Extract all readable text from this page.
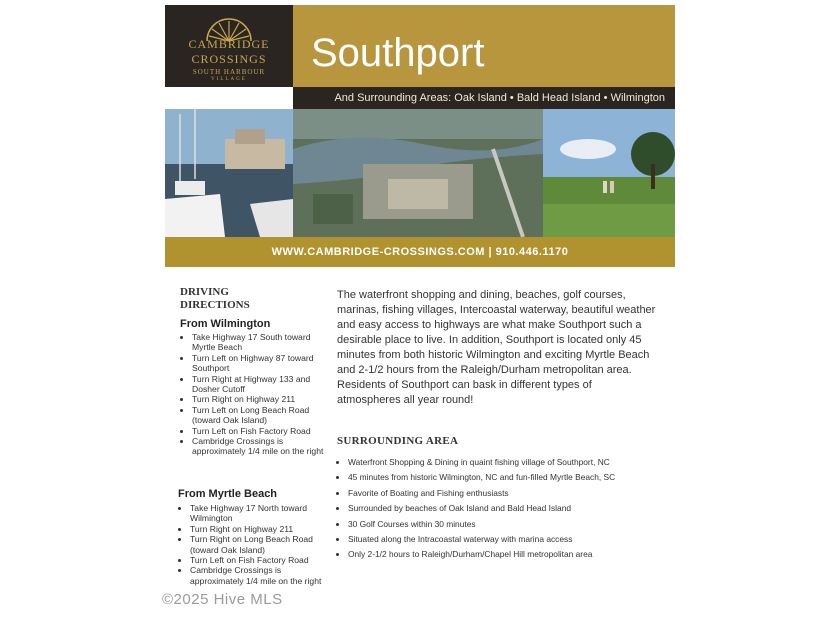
CAMBRIDGE
CROSSINGS
SOUTH HARBOUR
VILLAGE
Southport
And Surrounding Areas: Oak Island • Bald Head Island • Wilmington
WWW.CAMBRIDGE-CROSSINGS.COM | 910.446.1170
DRIVING DIRECTIONS
From Wilmington
• Take Highway 17 South toward Myrtle Beach
• Turn Left on Highway 87 toward Southport
• Turn Right at Highway 133 and Dosher Cutoff
• Turn Right on Highway 211
• Turn Left on Long Beach Road (toward Oak Island)
• Turn Left on Fish Factory Road
• Cambridge Crossings is approximately 1/4 mile on the right
From Myrtle Beach
• Take Highway 17 North toward Wilmington
• Turn Right on Highway 211
• Turn Right on Long Beach Road (toward Oak Island)
• Turn Left on Fish Factory Road
• Cambridge Crossings is approximately 1/4 mile on the right
The waterfront shopping and dining, beaches, golf courses, marinas, fishing villages, Intercoastal waterway, beautiful weather and easy access to highways are what make Southport such a desirable place to live. In addition, Southport is located only 45 minutes from both historic Wilmington and exciting Myrtle Beach and 2-1/2 hours from the Raleigh/Durham metropolitan area. Residents of Southport can bask in different types of atmospheres all year round!
SURROUNDING AREA
• Waterfront Shopping & Dining in quaint fishing village of Southport, NC
• 45 minutes from historic Wilmington, NC and fun-filled Myrtle Beach, SC
• Favorite of Boating and Fishing enthusiasts
• Surrounded by beaches of Oak Island and Bald Head Island
• 30 Golf Courses within 30 minutes
• Situated along the Intracoastal waterway with marina access
• Only 2-1/2 hours to Raleigh/Durham/Chapel Hill metropolitan area
©2025 Hive MLS
